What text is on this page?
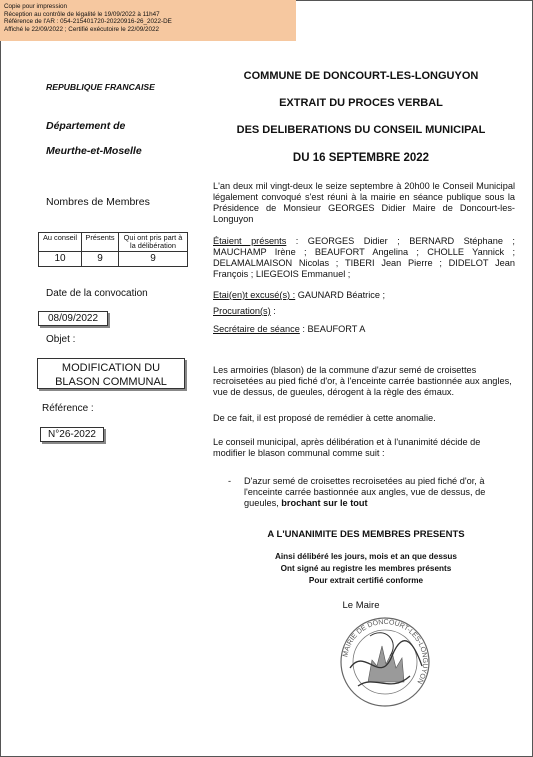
Copie pour impression
Réception au contrôle de légalité le 19/09/2022 à 11h47
Référence de l'AR : 054-215401720-20220916-26_2022-DE
Affiché le 22/09/2022 ; Certifié exécutoire le 22/09/2022
REPUBLIQUE FRANCAISE
Département de
Meurthe-et-Moselle
Nombres de Membres
Au conseil	Présents	Qui ont pris part à la délibération
10	9	9
Date de la convocation
08/09/2022
Objet :
MODIFICATION DU
BLASON COMMUNAL
Référence :
N°26-2022
COMMUNE DE DONCOURT-LES-LONGUYON
EXTRAIT DU PROCES VERBAL
DES DELIBERATIONS DU CONSEIL MUNICIPAL
DU 16 SEPTEMBRE 2022
L'an deux mil vingt-deux le seize septembre à 20h00 le Conseil Municipal légalement convoqué s'est réuni à la mairie en séance publique sous la Présidence de Monsieur GEORGES Didier Maire de Doncourt-les-Longuyon
Étaient présents : GEORGES Didier ; BERNARD Stéphane ; MAUCHAMP Irène ; BEAUFORT Angelina ; CHOLLE Yannick ; DELAMALMAISON Nicolas ; TIBERI Jean Pierre ; DIDELOT Jean François ; LIEGEOIS Emmanuel ;
Etai(en)t excusé(s) : GAUNARD Béatrice ;
Procuration(s) :
Secrétaire de séance : BEAUFORT A
Les armoiries (blason) de la commune d'azur semé de croisettes recroisetées au pied fiché d'or, à l'enceinte carrée bastionnée aux angles, vue de dessus, de gueules, dérogent à la règle des émaux.
De ce fait, il est proposé de remédier à cette anomalie.
Le conseil municipal, après délibération et à l'unanimité décide de modifier le blason communal comme suit :
- D'azur semé de croisettes recroisetées au pied fiché d'or, à l'enceinte carrée bastionnée aux angles, vue de dessus, de gueules, brochant sur le tout
A L'UNANIMITE DES MEMBRES PRESENTS
Ainsi délibéré les jours, mois et an que dessus
Ont signé au registre les membres présents
Pour extrait certifié conforme
Le Maire
MAIRIE DE DONCOURT-LES-LONGUYON
